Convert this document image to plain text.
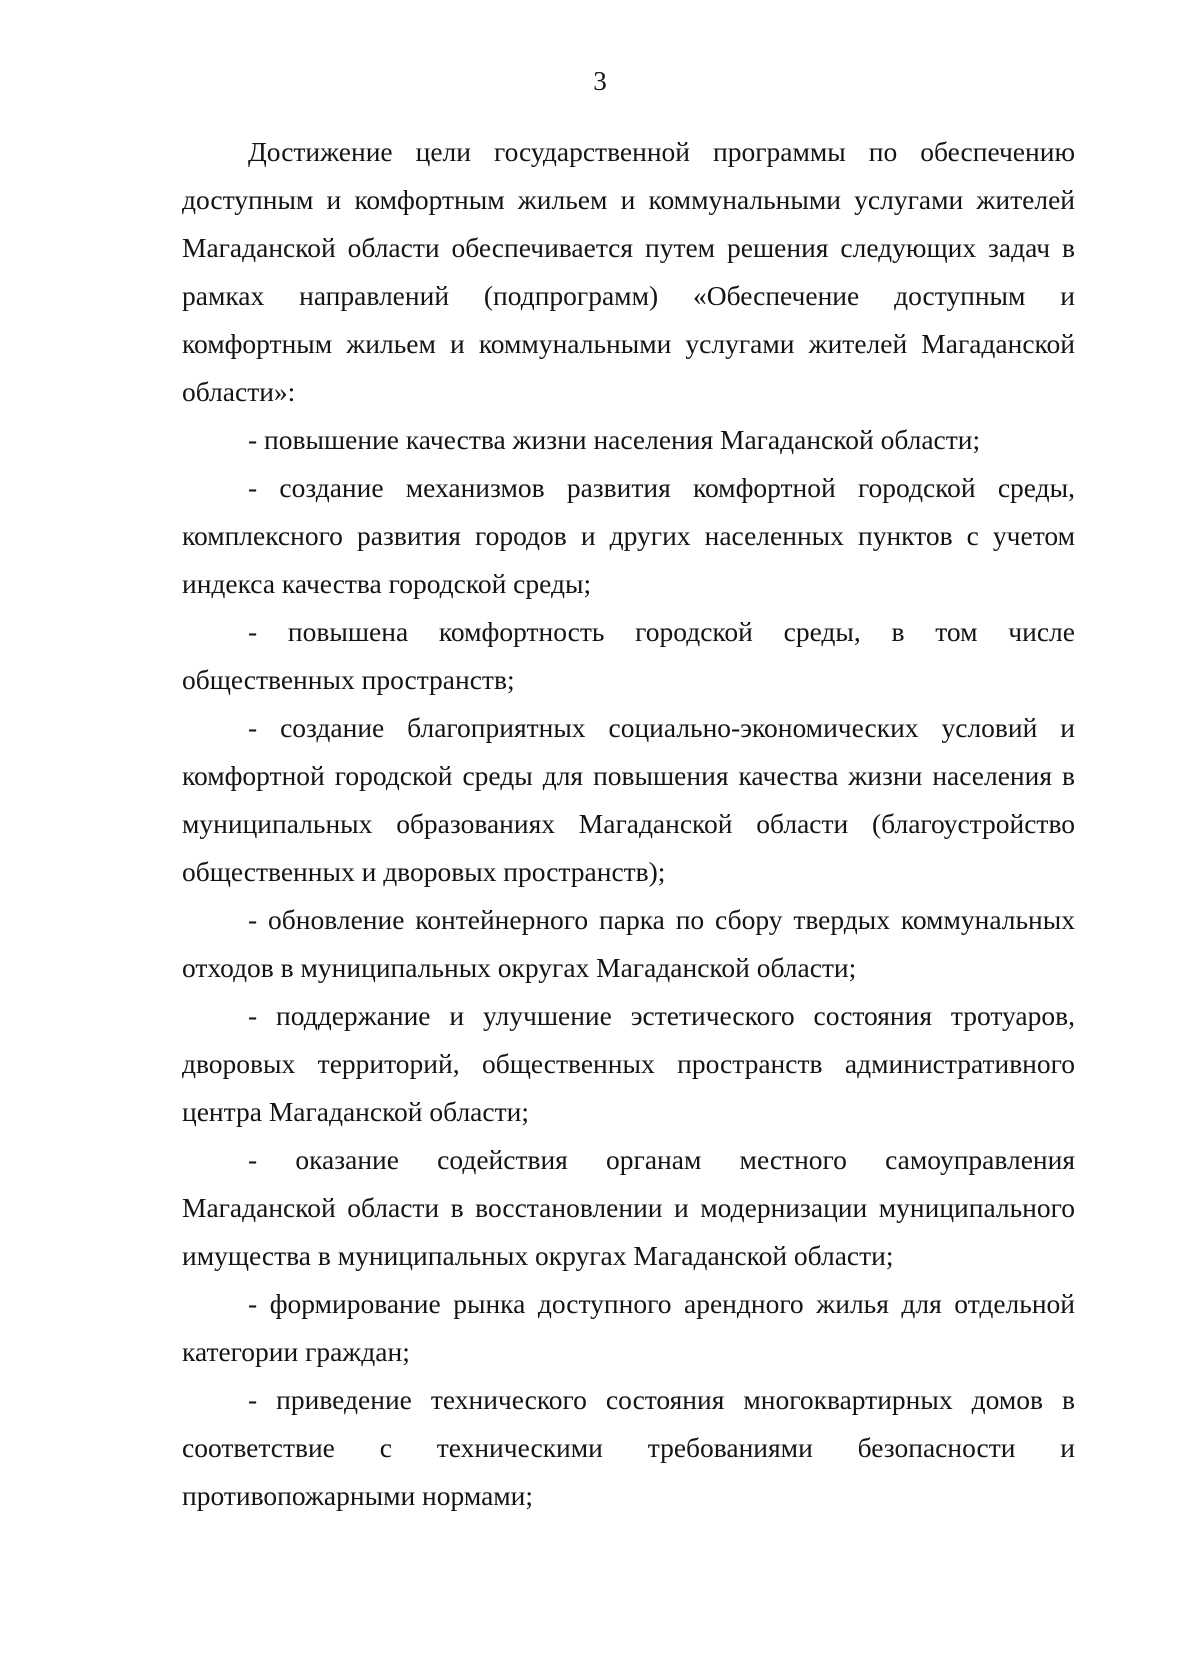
3

Достижение цели государственной программы по обеспечению доступным и комфортным жильем и коммунальными услугами жителей Магаданской области обеспечивается путем решения следующих задач в рамках направлений (подпрограмм) «Обеспечение доступным и комфортным жильем и коммунальными услугами жителей Магаданской области»:

- повышение качества жизни населения Магаданской области;

- создание механизмов развития комфортной городской среды, комплексного развития городов и других населенных пунктов с учетом индекса качества городской среды;

- повышена комфортность городской среды, в том числе общественных пространств;

- создание благоприятных социально-экономических условий и комфортной городской среды для повышения качества жизни населения в муниципальных образованиях Магаданской области (благоустройство общественных и дворовых пространств);

- обновление контейнерного парка по сбору твердых коммунальных отходов в муниципальных округах Магаданской области;

- поддержание и улучшение эстетического состояния тротуаров, дворовых территорий, общественных пространств административного центра Магаданской области;

- оказание содействия органам местного самоуправления Магаданской области в восстановлении и модернизации муниципального имущества в муниципальных округах Магаданской области;

- формирование рынка доступного арендного жилья для отдельной категории граждан;

- приведение технического состояния многоквартирных домов в соответствие с техническими требованиями безопасности и противопожарными нормами;
